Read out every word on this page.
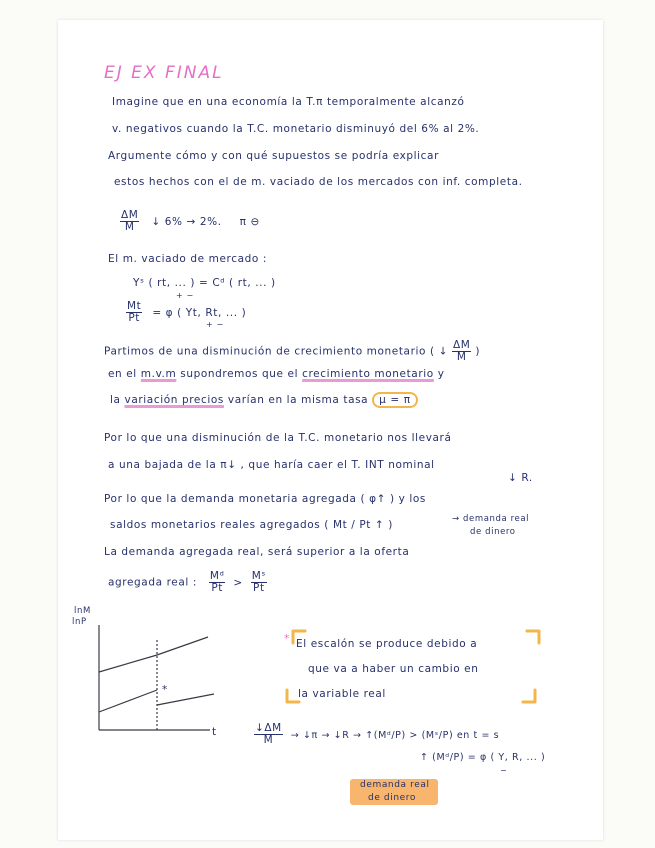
EJ EX FINAL
Imagine que en una economía la T.π temporalmente alcanzó
v. negativos cuando la T.C. monetario disminuyó del 6% al 2%.
Argumente cómo y con qué supuestos se podría explicar
estos hechos con el de m. vaciado de los mercados con inf. completa.
$\frac{\Delta M}{M}$ ↓ 6% → 2%. π ⊖
El m. vaciado de mercado :
Yˢ ( rt, ... ) = Cᵈ ( rt, ... )
+ −
$\frac{Mt}{Pt} = \varphi$ ( Yt, Rt, ... )
+ −
Partimos de una disminución de crecimiento monetario ( ↓ $\frac{\Delta M}{M}$ )
en el m.v.m supondremos que el crecimiento monetario y
la variación precios varían en la misma tasa μ = π
Por lo que una disminución de la T.C. monetario nos llevará
a una bajada de la π↓ , que haría caer el T. INT nominal
↓ R.
Por lo que la demanda monetaria agregada ( φ↑ ) y los
saldos monetarios reales agregados ( Mt / Pt ↑ )	→ demanda real
de dinero
La demanda agregada real, será superior a la oferta
agregada real : $\frac{\text{Mᵈ}}{Pt} > \frac{\text{Mˢ}}{Pt}$
lnM
lnP
t
*
* El escalón se produce debido a
que va a haber un cambio en
la variable real
$\frac{↓\Delta M}{M}$ → ↓π → ↓R → ↑(Mᵈ/P) > (Mˢ/P) en t = s
↑ (Mᵈ/P) = φ ( Y, R, ... )
−
demanda real
de dinero
